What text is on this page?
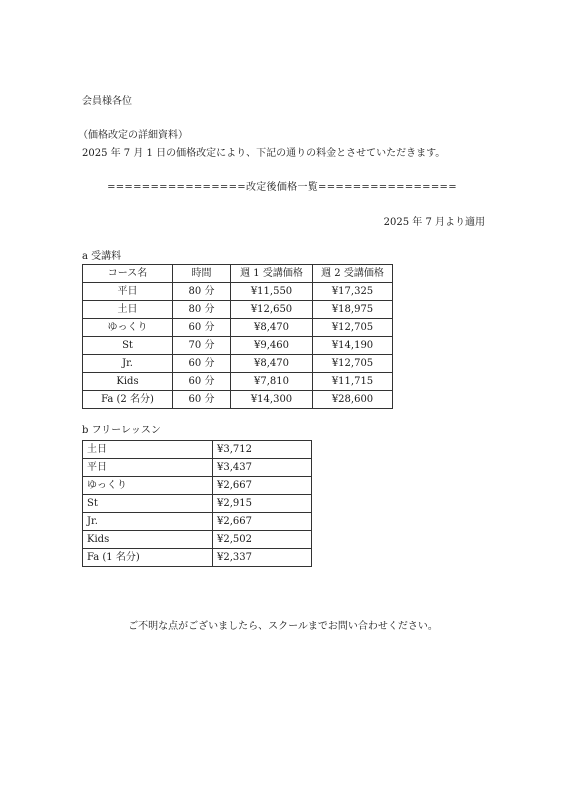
会員様各位
（価格改定の詳細資料）
2025 年 7 月 1 日の価格改定により、下記の通りの料金とさせていただきます。
================改定後価格一覧================
2025 年 7 月より適用
a 受講料
コース名	時間	週 1 受講価格	週 2 受講価格
平日	80 分	¥11,550	¥17,325
土日	80 分	¥12,650	¥18,975
ゆっくり	60 分	¥8,470	¥12,705
St	70 分	¥9,460	¥14,190
Jr.	60 分	¥8,470	¥12,705
Kids	60 分	¥7,810	¥11,715
Fa (2 名分)	60 分	¥14,300	¥28,600
b フリーレッスン
土日	¥3,712
平日	¥3,437
ゆっくり	¥2,667
St	¥2,915
Jr.	¥2,667
Kids	¥2,502
Fa (1 名分)	¥2,337
ご不明な点がございましたら、スクールまでお問い合わせください。
